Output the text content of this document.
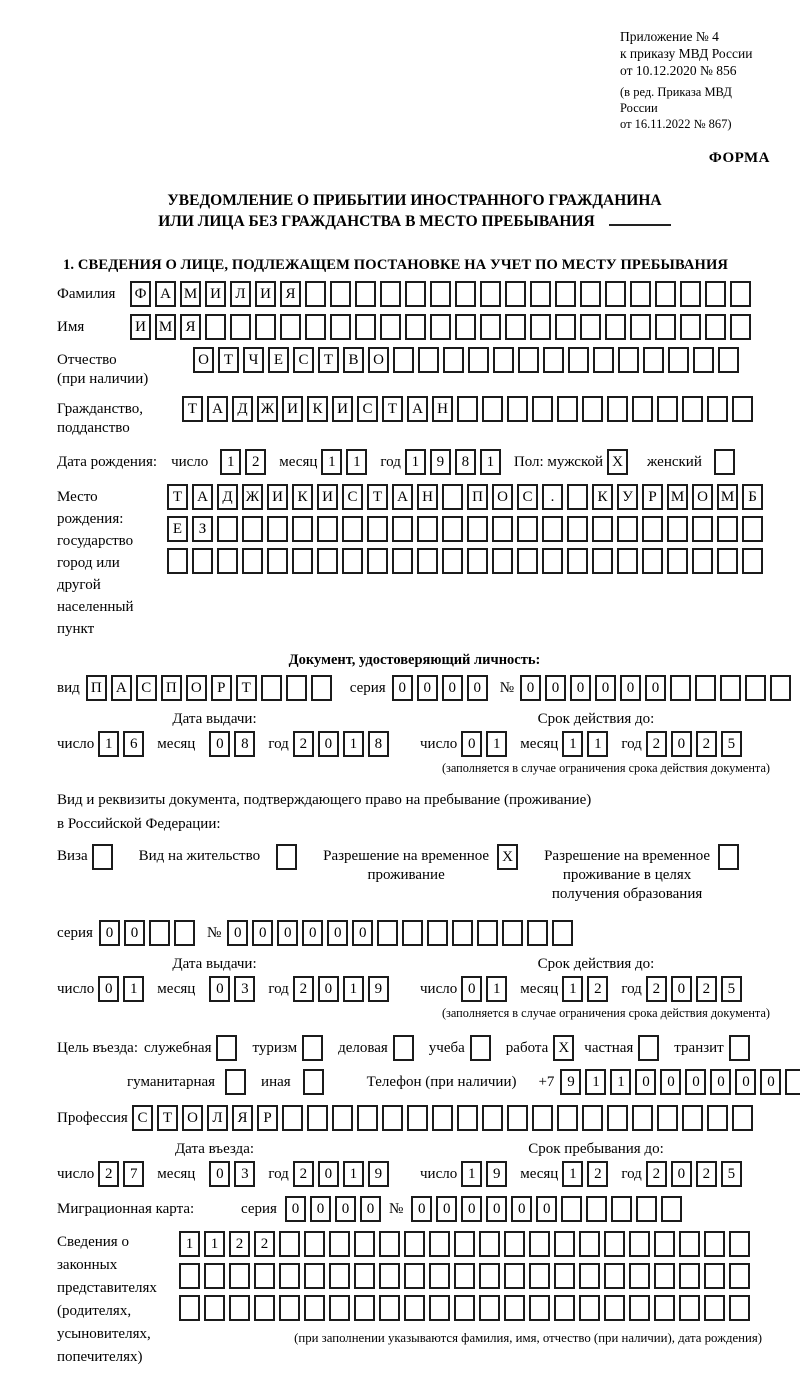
Приложение № 4
к приказу МВД России
от 10.12.2020 № 856
(в ред. Приказа МВД России
от 16.11.2022 № 867)
ФОРМА
УВЕДОМЛЕНИЕ О ПРИБЫТИИ ИНОСТРАННОГО ГРАЖДАНИНА
ИЛИ ЛИЦА БЕЗ ГРАЖДАНСТВА В МЕСТО ПРЕБЫВАНИЯ
1. СВЕДЕНИЯ О ЛИЦЕ, ПОДЛЕЖАЩЕМ ПОСТАНОВКЕ НА УЧЕТ ПО МЕСТУ ПРЕБЫВАНИЯ
Фамилия	Ф А М И Л И Я
Имя	И М Я
Отчество
(при наличии)
О Т Ч Е С Т В О
Гражданство,
подданство
Т А Д Ж И К И С Т А Н
Дата рождения: число	1 2	месяц 1 1	год 1 9 8 1	Пол: мужской X	женский
Место рождения:
государство
город или другой
населенный пункт
Т А Д Ж И К И С Т А Н	П О С .	К У Р М О М Б Е З
Документ, удостоверяющий личность:
вид П А С П О Р Т	серия 0 0 0 0	№ 0 0 0 0 0 0
Дата выдачи:
число 1 6	месяц	0 8	год 2 0 1 8
Срок действия до:
число 0 1	месяц 1 1	год 2 0 2 5
(заполняется в случае ограничения срока действия документа)
Вид и реквизиты документа, подтверждающего право на пребывание (проживание)
в Российской Федерации:
Виза	Вид на жительство	Разрешение на временное
проживание
X	Разрешение на временное
проживание в целях
получения образования
серия 0 0	№ 0 0 0 0 0 0
Дата выдачи:
число 0 1	месяц	0 3	год 2 0 1 9
Срок действия до:
число 0 1	месяц 1 2	год 2 0 2 5
(заполняется в случае ограничения срока действия документа)
Цель въезда: служебная	туризм	деловая	учеба	работа X	частная	транзит
гуманитарная	иная	Телефон (при наличии) +7 9 1 1 0 0 0 0 0 0
Профессия С Т О Л Я Р
Дата въезда:
число 2 7	месяц	0 3	год 2 0 1 9
Срок пребывания до:
число 1 9	месяц 1 2	год 2 0 2 5
Миграционная карта:	серия 0 0 0 0 № 0 0 0 0 0 0
Сведения о
законных
представителях
(родителях,
усыновителях,
попечителях)
1 1 2 2
(при заполнении указываются фамилия, имя, отчество (при наличии), дата рождения)
